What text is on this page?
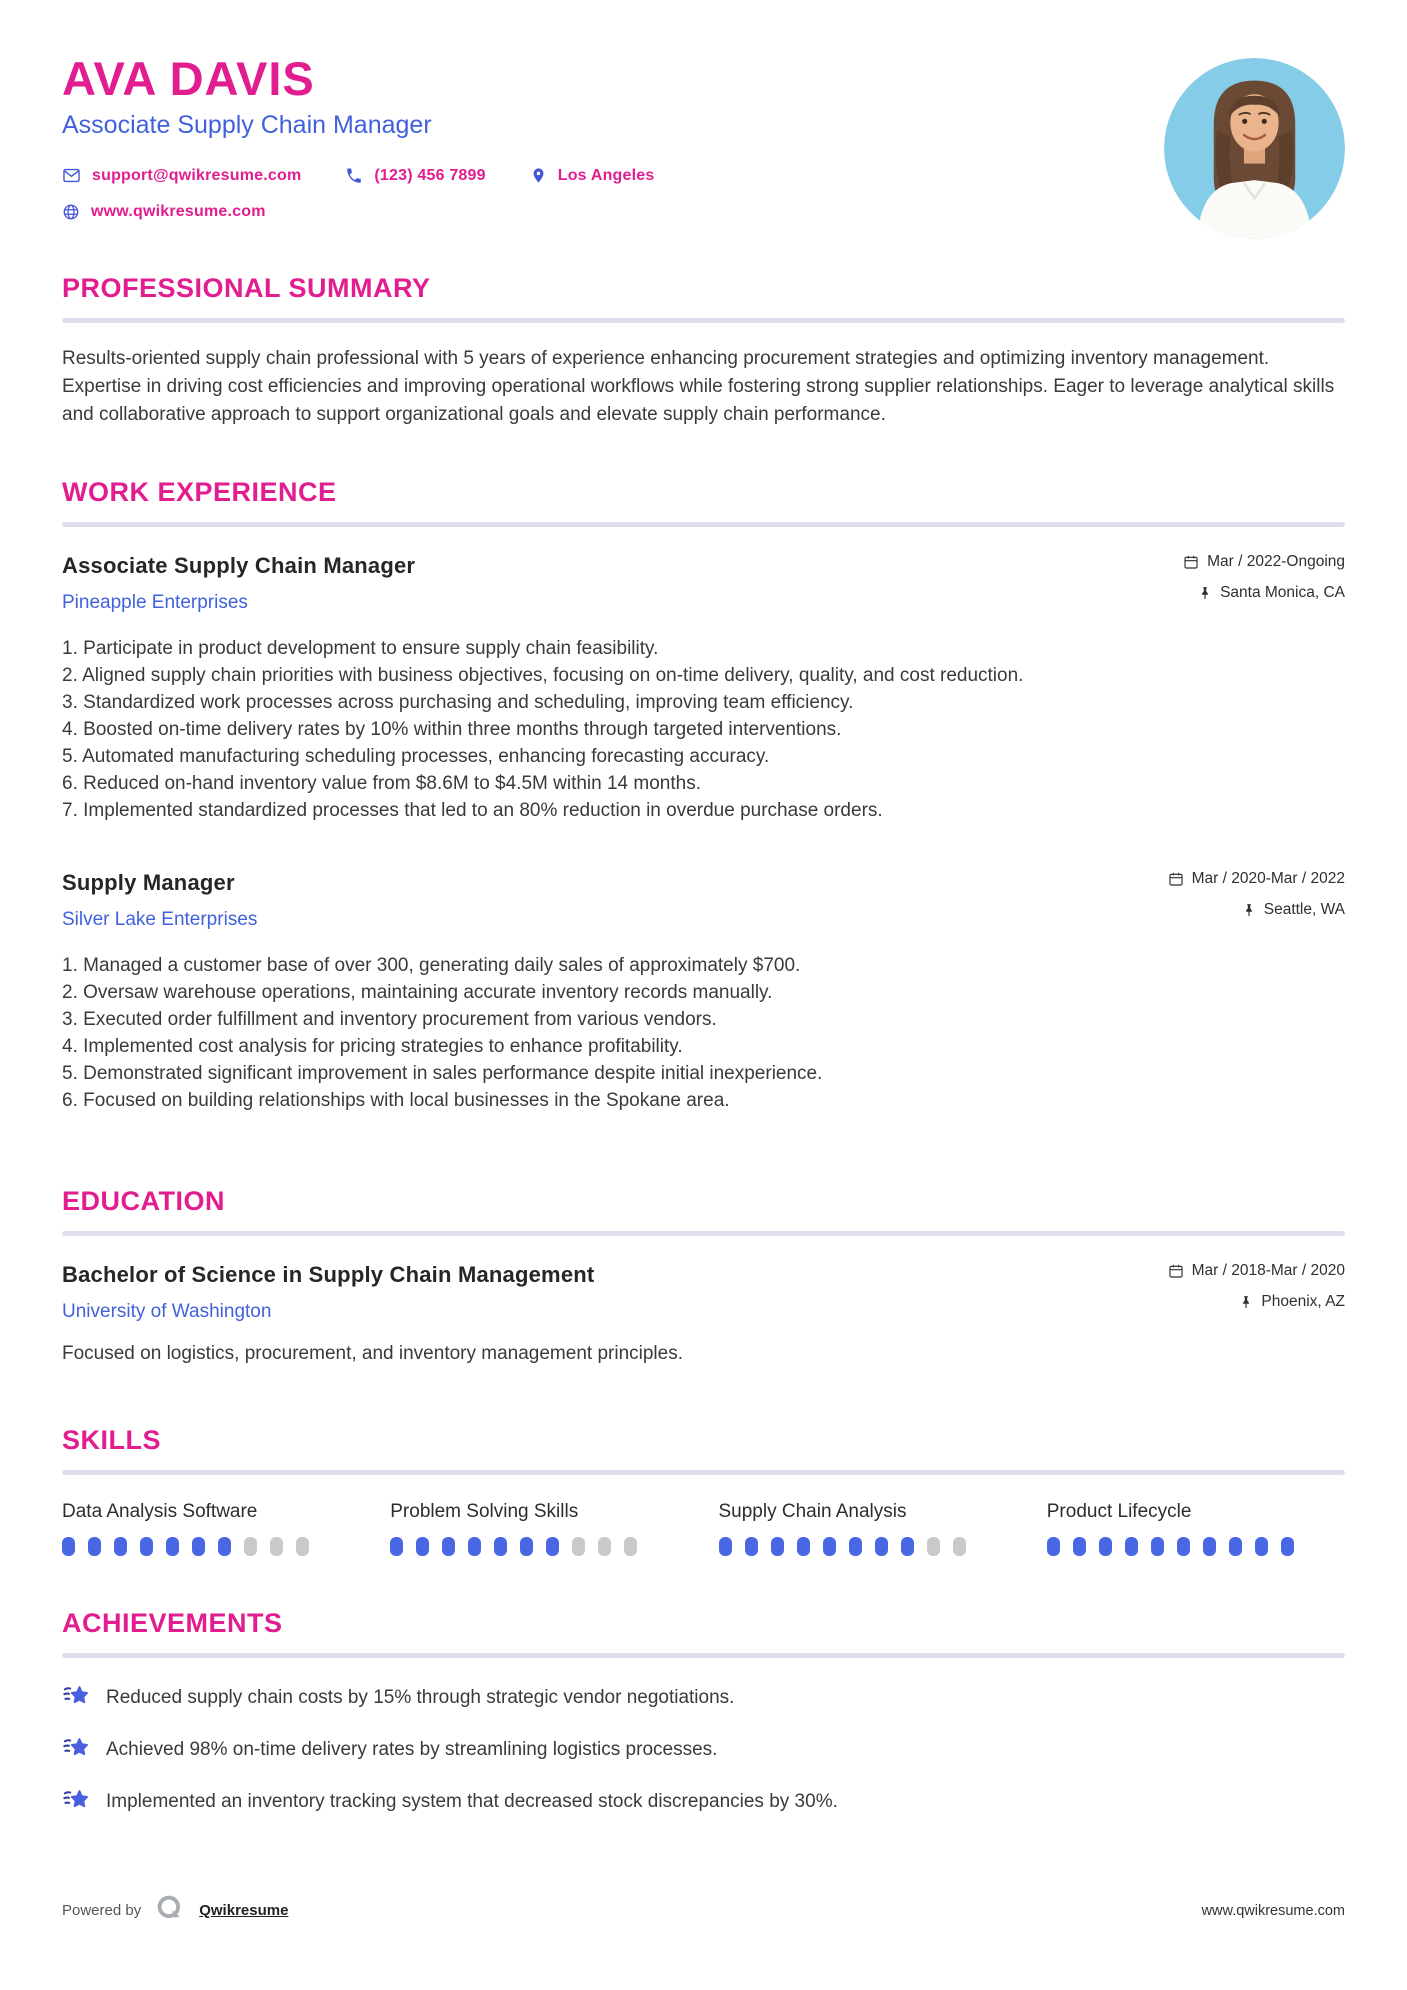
AVA DAVIS
Associate Supply Chain Manager
support@qwikresume.com	(123) 456 7899	Los Angeles
www.qwikresume.com
PROFESSIONAL SUMMARY
Results-oriented supply chain professional with 5 years of experience enhancing procurement strategies and optimizing inventory management. Expertise in driving cost efficiencies and improving operational workflows while fostering strong supplier relationships. Eager to leverage analytical skills and collaborative approach to support organizational goals and elevate supply chain performance.
WORK EXPERIENCE
Associate Supply Chain Manager
Pineapple Enterprises
Mar / 2022-Ongoing
Santa Monica, CA
Participate in product development to ensure supply chain feasibility.
Aligned supply chain priorities with business objectives, focusing on on-time delivery, quality, and cost reduction.
Standardized work processes across purchasing and scheduling, improving team efficiency.
Boosted on-time delivery rates by 10% within three months through targeted interventions.
Automated manufacturing scheduling processes, enhancing forecasting accuracy.
Reduced on-hand inventory value from $8.6M to $4.5M within 14 months.
Implemented standardized processes that led to an 80% reduction in overdue purchase orders.
Supply Manager
Silver Lake Enterprises
Mar / 2020-Mar / 2022
Seattle, WA
Managed a customer base of over 300, generating daily sales of approximately $700.
Oversaw warehouse operations, maintaining accurate inventory records manually.
Executed order fulfillment and inventory procurement from various vendors.
Implemented cost analysis for pricing strategies to enhance profitability.
Demonstrated significant improvement in sales performance despite initial inexperience.
Focused on building relationships with local businesses in the Spokane area.
EDUCATION
Bachelor of Science in Supply Chain Management
University of Washington
Mar / 2018-Mar / 2020
Phoenix, AZ
Focused on logistics, procurement, and inventory management principles.
SKILLS
Data Analysis Software	Problem Solving Skills	Supply Chain Analysis	Product Lifecycle
ACHIEVEMENTS
Reduced supply chain costs by 15% through strategic vendor negotiations.
Achieved 98% on-time delivery rates by streamlining logistics processes.
Implemented an inventory tracking system that decreased stock discrepancies by 30%.
Powered by	Qwikresume	www.qwikresume.com
